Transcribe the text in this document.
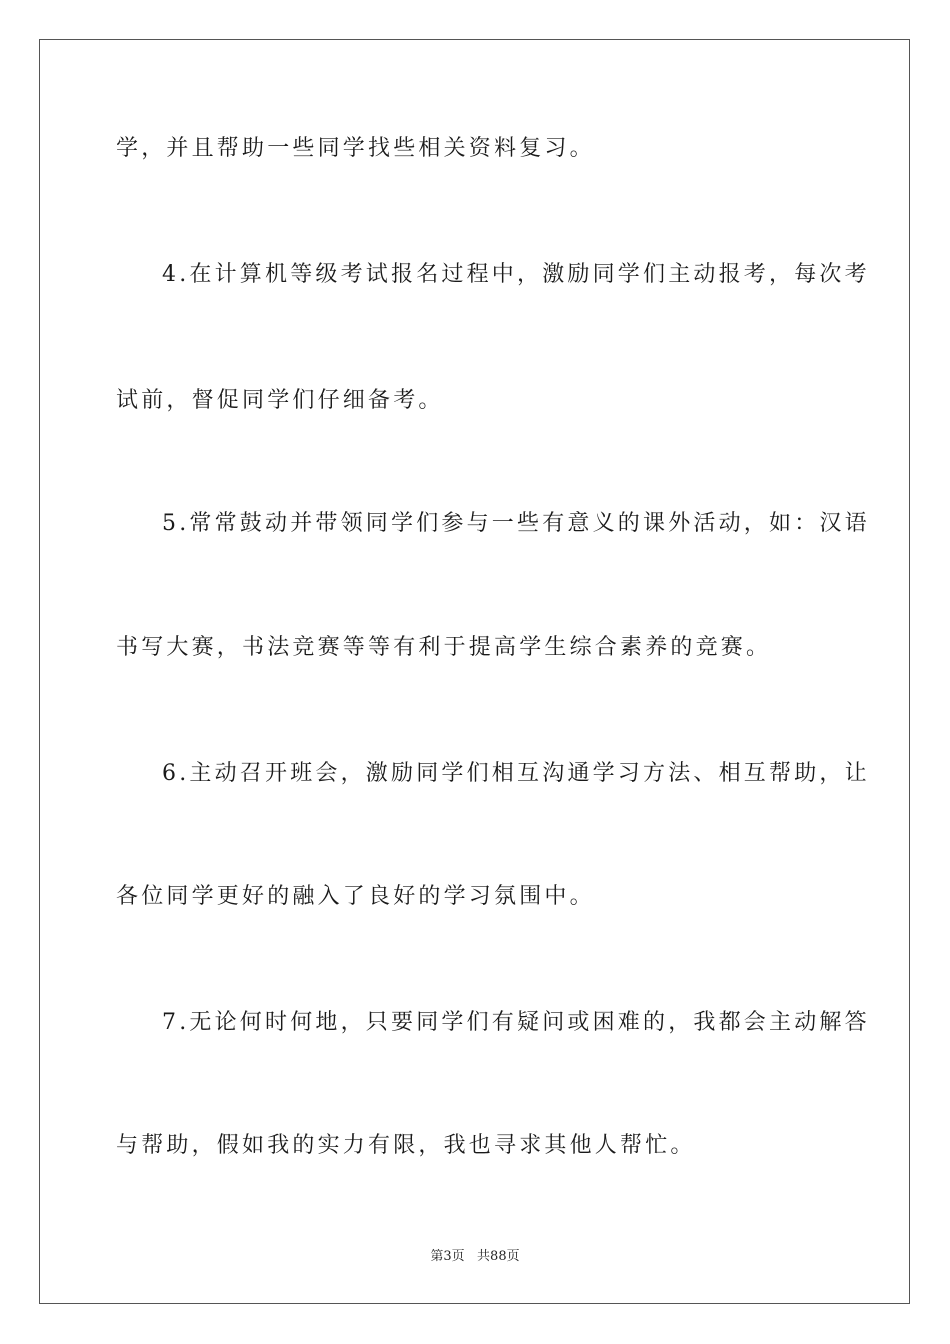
学，并且帮助一些同学找些相关资料复习。
4.在计算机等级考试报名过程中，激励同学们主动报考，每次考
试前，督促同学们仔细备考。
5.常常鼓动并带领同学们参与一些有意义的课外活动，如：汉语
书写大赛，书法竞赛等等有利于提高学生综合素养的竞赛。
6.主动召开班会，激励同学们相互沟通学习方法、相互帮助，让
各位同学更好的融入了良好的学习氛围中。
7.无论何时何地，只要同学们有疑问或困难的，我都会主动解答
与帮助，假如我的实力有限，我也寻求其他人帮忙。
第3页   共88页
